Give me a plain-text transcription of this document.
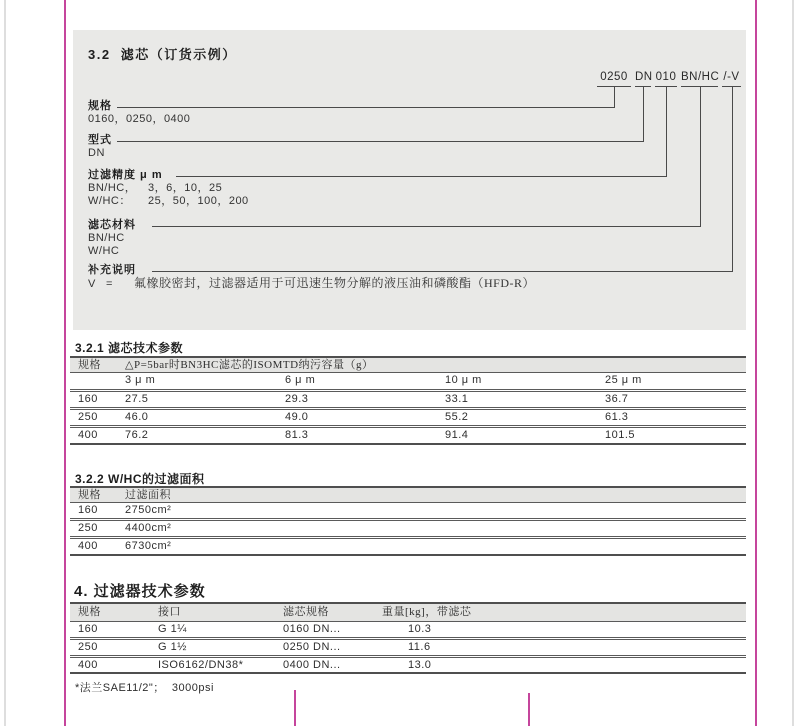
3.2  滤芯（订货示例）
0250 DN 010 BN/HC /-V
规格
0160，0250，0400
型式
DN
过滤精度 μ m
BN/HC， 3，6，10，25
W/HC： 25，50，100，200
滤芯材料
BN/HC
W/HC
补充说明
V = 氟橡胶密封，过滤器适用于可迅速生物分解的液压油和磷酸酯（HFD-R）
3.2.1 滤芯技术参数
规格 △P=5bar时BN3HC滤芯的ISOMTD纳污容量（g）
3 μ m	6 μ m	10 μ m	25 μ m
160 27.5	29.3	33.1	36.7
250 46.0	49.0	55.2	61.3
400 76.2	81.3	91.4	101.5
3.2.2 W/HC的过滤面积
规格 过滤面积
160 2750cm²
250 4400cm²
400 6730cm²
4. 过滤器技术参数
规格	接口	滤芯规格	重量[kg]，带滤芯
160	G 1¼	0160 DN...	10.3
250	G 1½	0250 DN...	11.6
400	ISO6162/DN38*	0400 DN...	13.0
*法兰SAE11/2"；  3000psi
